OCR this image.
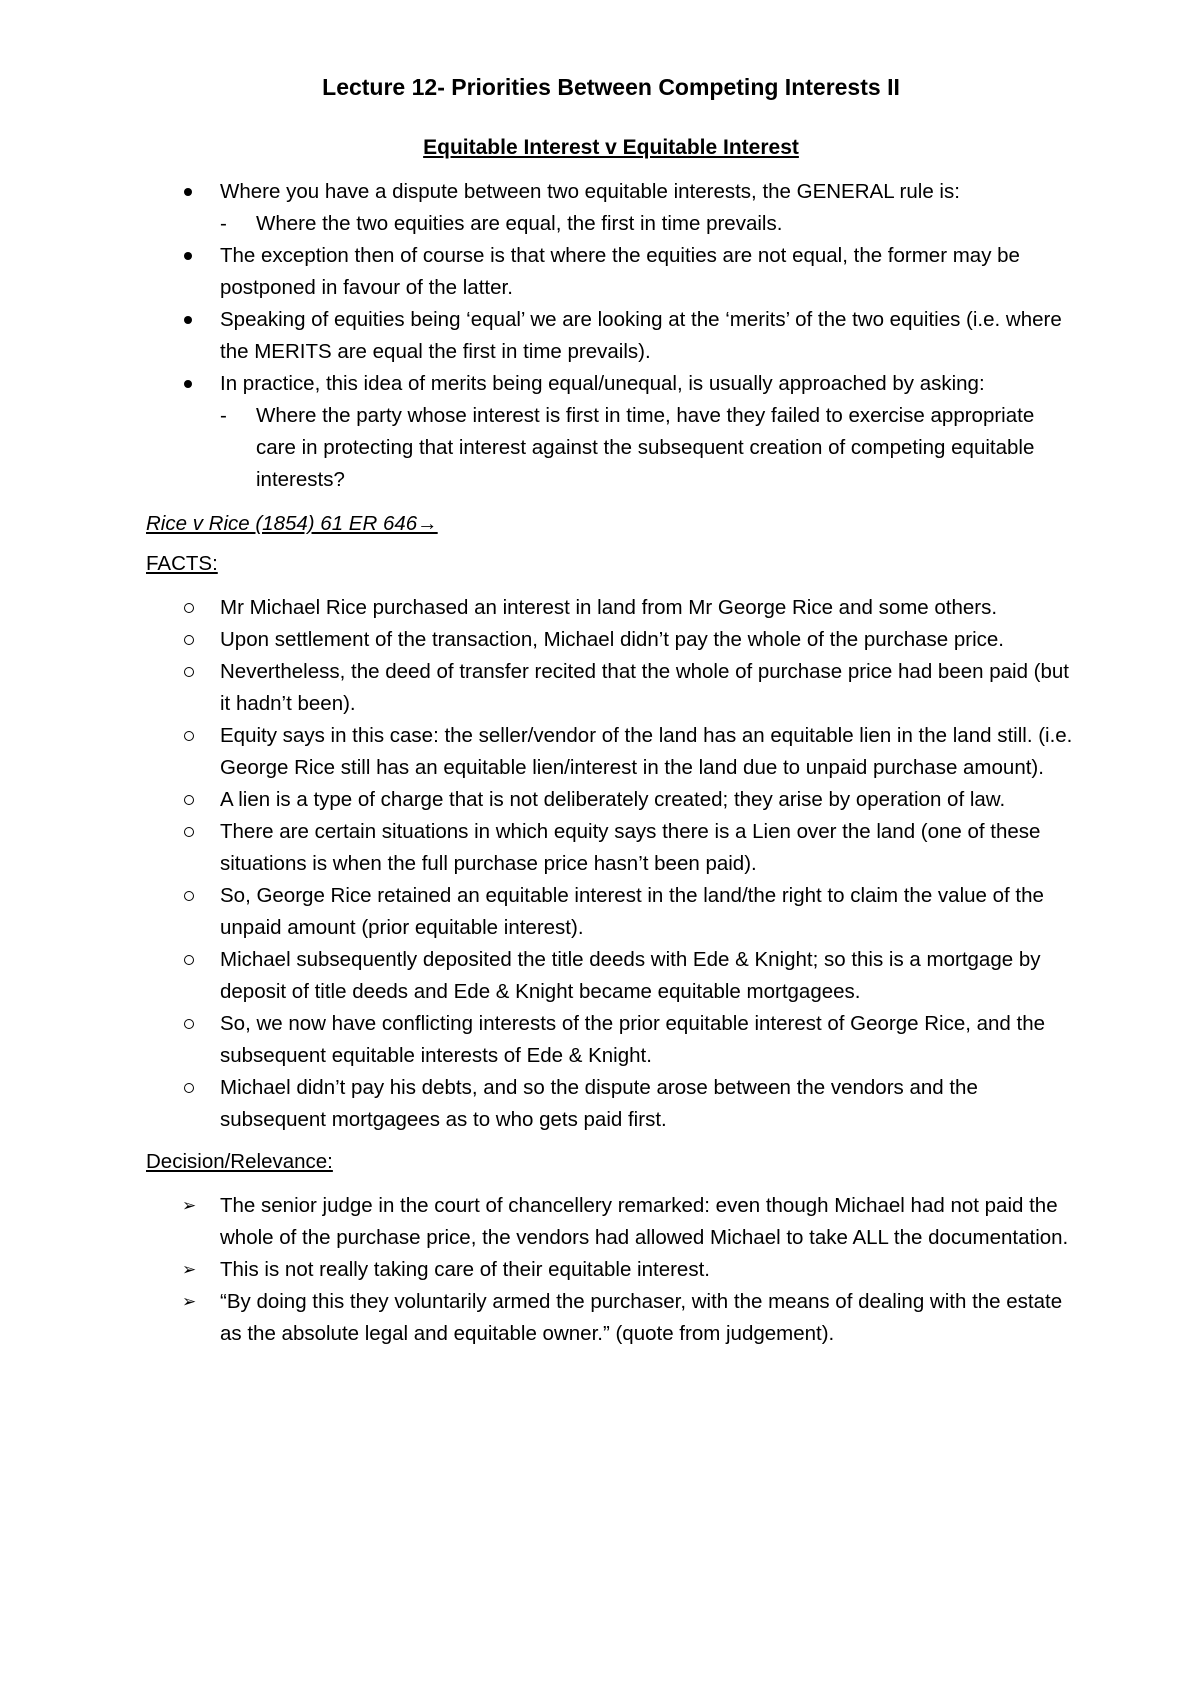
Lecture 12- Priorities Between Competing Interests II
Equitable Interest v Equitable Interest
Where you have a dispute between two equitable interests, the GENERAL rule is:
- Where the two equities are equal, the first in time prevails.
The exception then of course is that where the equities are not equal, the former may be postponed in favour of the latter.
Speaking of equities being ‘equal’ we are looking at the ‘merits’ of the two equities (i.e. where the MERITS are equal the first in time prevails).
In practice, this idea of merits being equal/unequal, is usually approached by asking:
- Where the party whose interest is first in time, have they failed to exercise appropriate care in protecting that interest against the subsequent creation of competing equitable interests?
Rice v Rice (1854) 61 ER 646→
FACTS:
Mr Michael Rice purchased an interest in land from Mr George Rice and some others.
Upon settlement of the transaction, Michael didn’t pay the whole of the purchase price.
Nevertheless, the deed of transfer recited that the whole of purchase price had been paid (but it hadn’t been).
Equity says in this case: the seller/vendor of the land has an equitable lien in the land still. (i.e. George Rice still has an equitable lien/interest in the land due to unpaid purchase amount).
A lien is a type of charge that is not deliberately created; they arise by operation of law.
There are certain situations in which equity says there is a Lien over the land (one of these situations is when the full purchase price hasn’t been paid).
So, George Rice retained an equitable interest in the land/the right to claim the value of the unpaid amount (prior equitable interest).
Michael subsequently deposited the title deeds with Ede & Knight; so this is a mortgage by deposit of title deeds and Ede & Knight became equitable mortgagees.
So, we now have conflicting interests of the prior equitable interest of George Rice, and the subsequent equitable interests of Ede & Knight.
Michael didn’t pay his debts, and so the dispute arose between the vendors and the subsequent mortgagees as to who gets paid first.
Decision/Relevance:
➢ The senior judge in the court of chancellery remarked: even though Michael had not paid the whole of the purchase price, the vendors had allowed Michael to take ALL the documentation.
➢ This is not really taking care of their equitable interest.
➢ “By doing this they voluntarily armed the purchaser, with the means of dealing with the estate as the absolute legal and equitable owner.” (quote from judgement).
